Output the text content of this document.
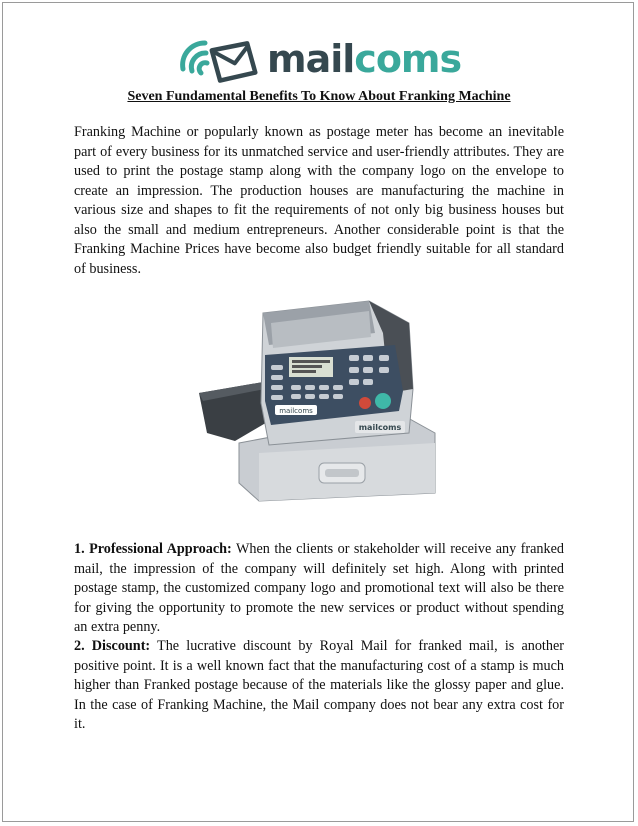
mailcoms
Seven Fundamental Benefits To Know About Franking Machine

Franking Machine or popularly known as postage meter has become an inevitable part of every business for its unmatched service and user-friendly attributes. They are used to print the postage stamp along with the company logo on the envelope to create an impression. The production houses are manufacturing the machine in various size and shapes to fit the requirements of not only big business houses but also the small and medium entrepreneurs. Another considerable point is that the Franking Machine Prices have become also budget friendly suitable for all standard of business.

mailcoms
mailcoms

1. Professional Approach: When the clients or stakeholder will receive any franked mail, the impression of the company will definitely set high. Along with printed postage stamp, the customized company logo and promotional text will also be there for giving the opportunity to promote the new services or product without spending an extra penny.

2. Discount: The lucrative discount by Royal Mail for franked mail, is another positive point. It is a well known fact that the manufacturing cost of a stamp is much higher than Franked postage because of the materials like the glossy paper and glue. In the case of Franking Machine, the Mail company does not bear any extra cost for it.
